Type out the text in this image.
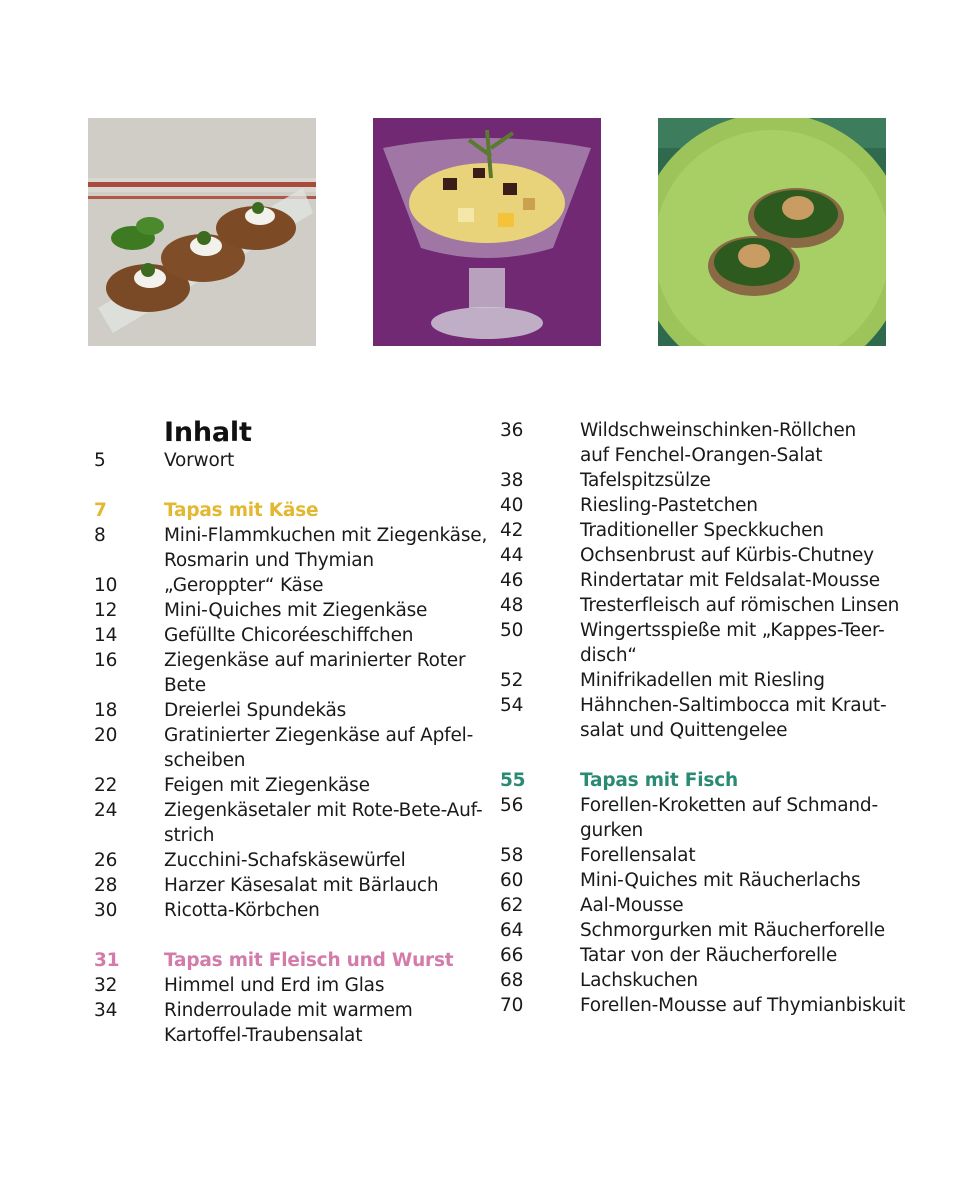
Inhalt
5	Vorwort
7	Tapas mit Käse
8	Mini-Flammkuchen mit Ziegenkäse,
Rosmarin und Thymian
10	„Geroppter“ Käse
12	Mini-Quiches mit Ziegenkäse
14	Gefüllte Chicoréeschiffchen
16	Ziegenkäse auf marinierter Roter
Bete
18	Dreierlei Spundekäs
20	Gratinierter Ziegenkäse auf Apfel-
scheiben
22	Feigen mit Ziegenkäse
24	Ziegenkäsetaler mit Rote-Bete-Auf-
strich
26	Zucchini-Schafskäsewürfel
28	Harzer Käsesalat mit Bärlauch
30	Ricotta-Körbchen
31	Tapas mit Fleisch und Wurst
32	Himmel und Erd im Glas
34	Rinderroulade mit warmem
Kartoffel-Traubensalat
36	Wildschweinschinken-Röllchen
auf Fenchel-Orangen-Salat
38	Tafelspitzsülze
40	Riesling-Pastetchen
42	Traditioneller Speckkuchen
44	Ochsenbrust auf Kürbis-Chutney
46	Rindertatar mit Feldsalat-Mousse
48	Tresterfleisch auf römischen Linsen
50	Wingertsspieße mit „Kappes-Teer-
disch“
52	Minifrikadellen mit Riesling
54	Hähnchen-Saltimbocca mit Kraut-
salat und Quittengelee
55	Tapas mit Fisch
56	Forellen-Kroketten auf Schmand-
gurken
58	Forellensalat
60	Mini-Quiches mit Räucherlachs
62	Aal-Mousse
64	Schmorgurken mit Räucherforelle
66	Tatar von der Räucherforelle
68	Lachskuchen
70	Forellen-Mousse auf Thymianbiskuit
